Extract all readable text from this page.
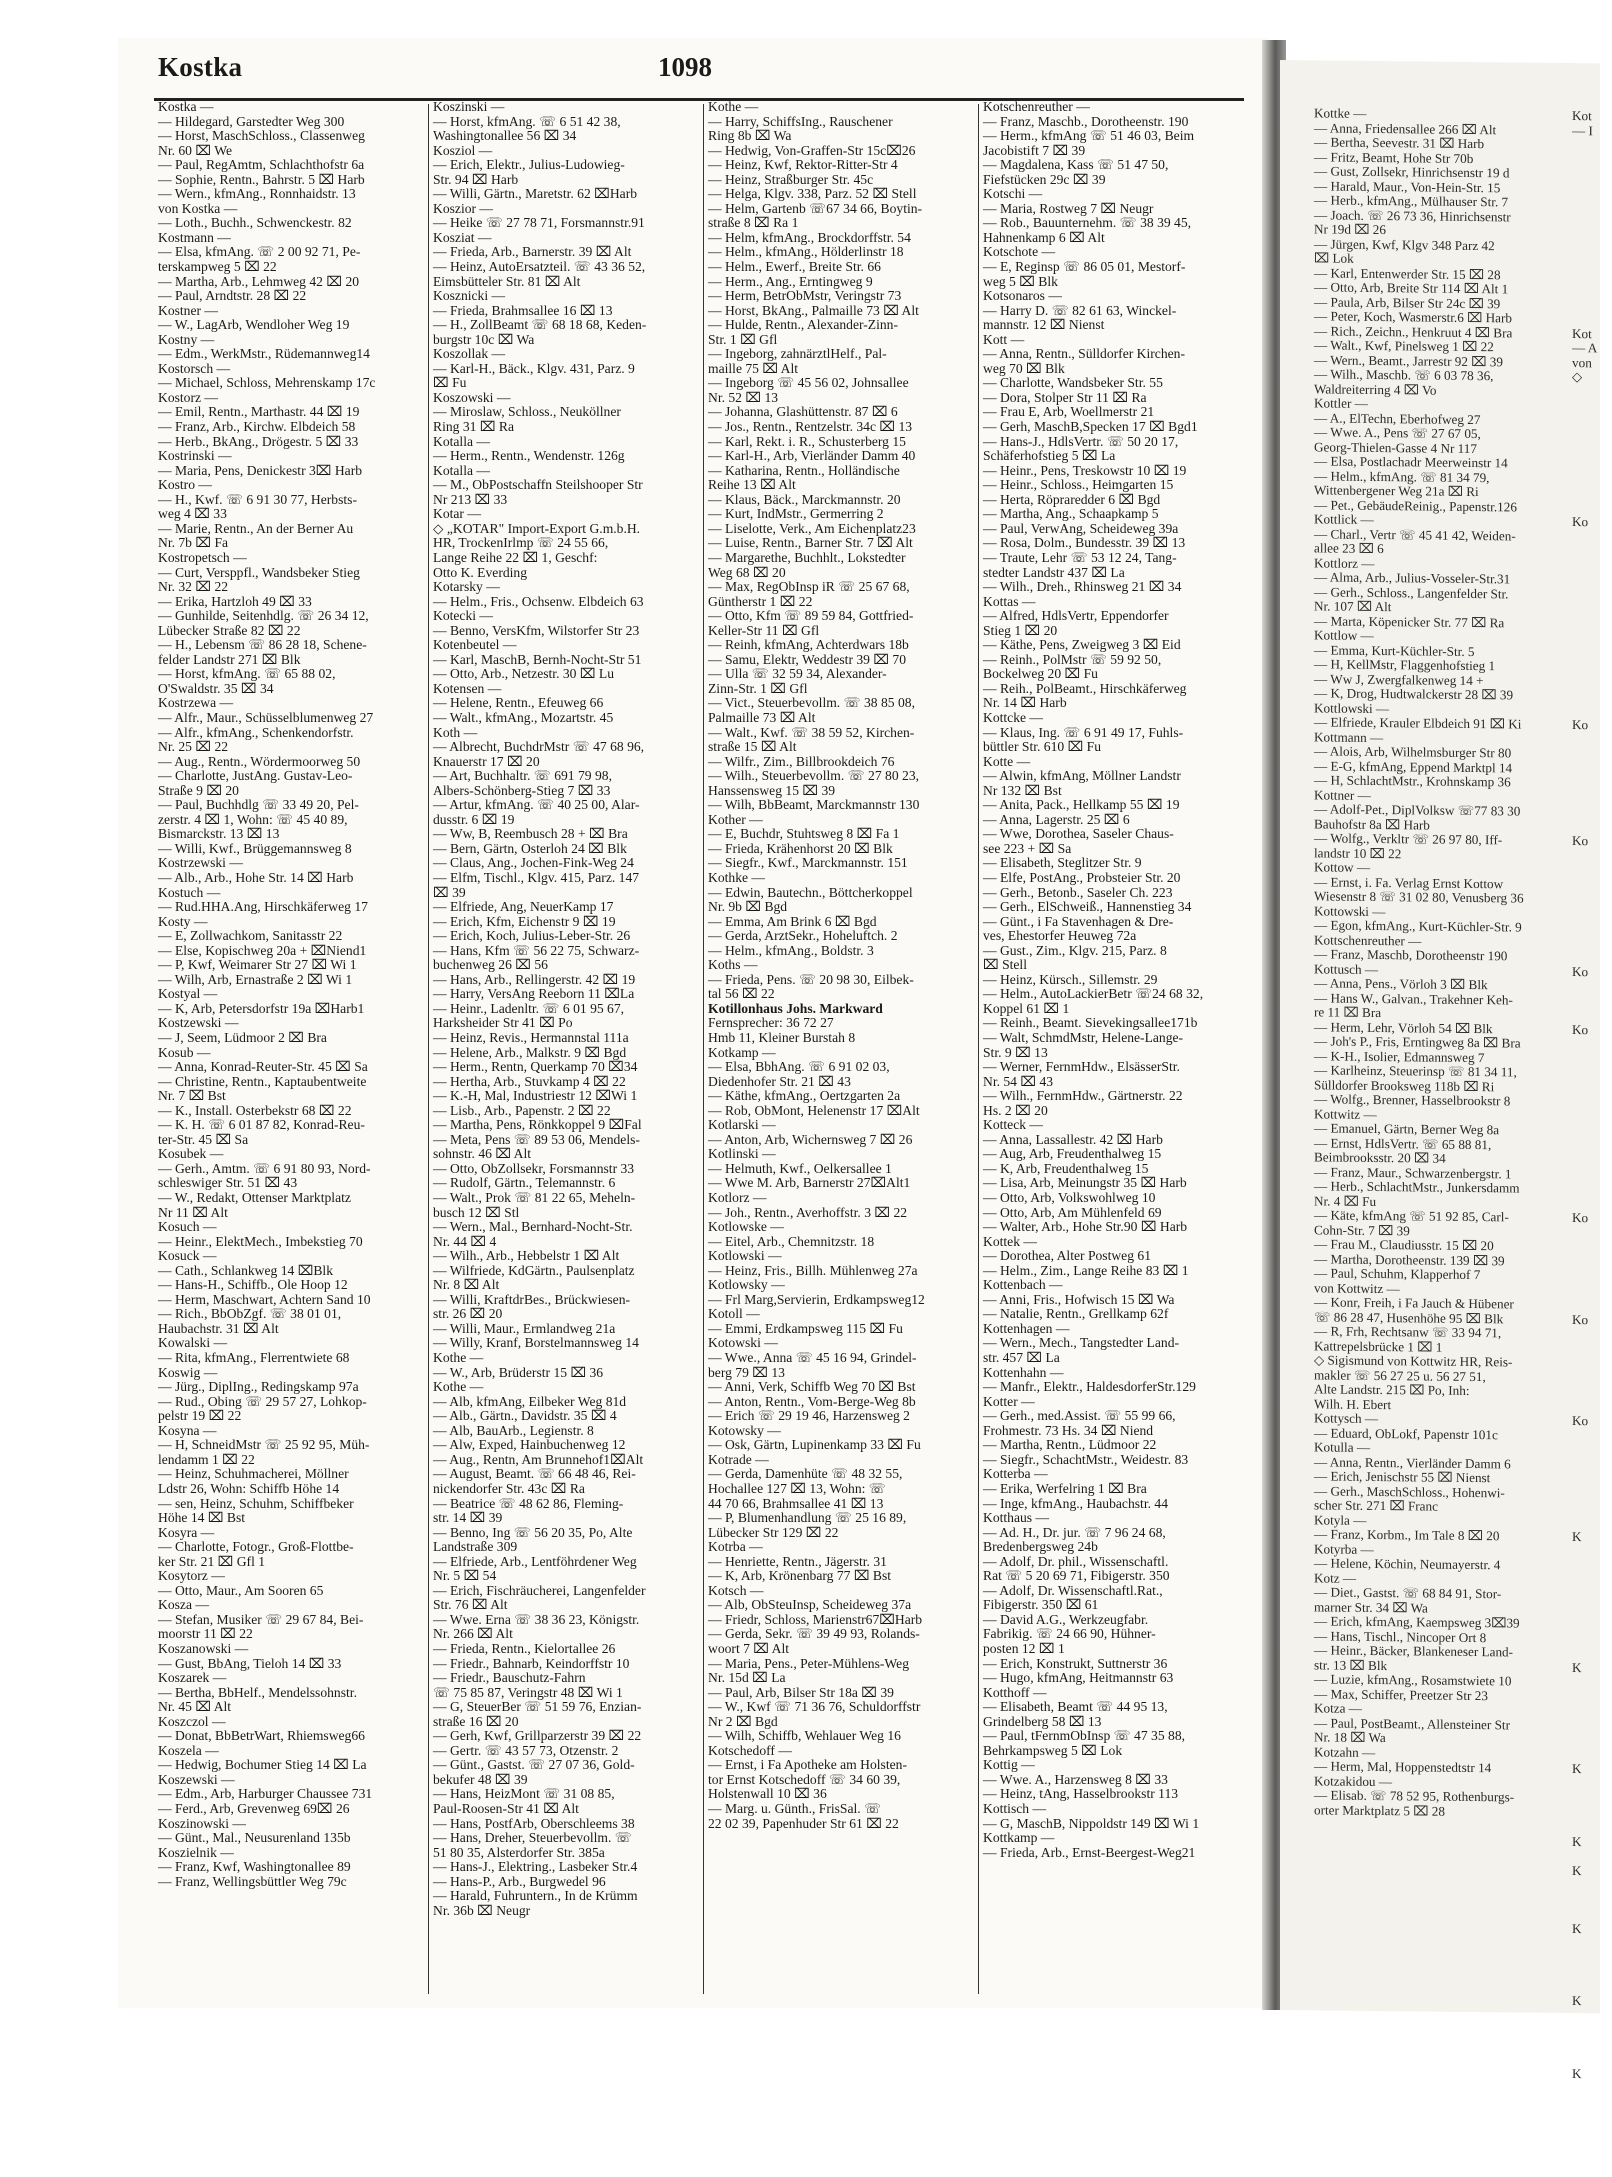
Kostka	1098
Kostka —
— Hildegard, Garstedter Weg 300
— Horst, MaschSchloss., Classenweg
Nr. 60 ⌧ We
— Paul, RegAmtm, Schlachthofstr 6a
— Sophie, Rentn., Bahrstr. 5 ⌧ Harb
— Wern., kfmAng., Ronnhaidstr. 13
von Kostka —
— Loth., Buchh., Schwenckestr. 82
Kostmann —
— Elsa, kfmAng. ☏ 2 00 92 71, Pe-
terskampweg 5 ⌧ 22
— Martha, Arb., Lehmweg 42 ⌧ 20
— Paul, Arndtstr. 28 ⌧ 22
Kostner —
— W., LagArb, Wendloher Weg 19
Kostny —
— Edm., WerkMstr., Rüdemannweg14
Kostorsch —
— Michael, Schloss, Mehrenskamp 17c
Kostorz —
— Emil, Rentn., Marthastr. 44 ⌧ 19
— Franz, Arb., Kirchw. Elbdeich 58
— Herb., BkAng., Drögestr. 5 ⌧ 33
Kostrinski —
— Maria, Pens, Denickestr 3⌧ Harb
Kostro —
— H., Kwf. ☏ 6 91 30 77, Herbsts-
weg 4 ⌧ 33
— Marie, Rentn., An der Berner Au
Nr. 7b ⌧ Fa
Kostropetsch —
— Curt, Versppfl., Wandsbeker Stieg
Nr. 32 ⌧ 22
— Erika, Hartzloh 49 ⌧ 33
— Gunhilde, Seitenhdlg. ☏ 26 34 12,
Lübecker Straße 82 ⌧ 22
— H., Lebensm ☏ 86 28 18, Schene-
felder Landstr 271 ⌧ Blk
— Horst, kfmAng. ☏ 65 88 02,
O'Swaldstr. 35 ⌧ 34
Kostrzewa —
— Alfr., Maur., Schüsselblumenweg 27
— Alfr., kfmAng., Schenkendorfstr.
Nr. 25 ⌧ 22
— Aug., Rentn., Wördermoorweg 50
— Charlotte, JustAng. Gustav-Leo-
Straße 9 ⌧ 20
— Paul, Buchhdlg ☏ 33 49 20, Pel-
zerstr. 4 ⌧ 1, Wohn: ☏ 45 40 89,
Bismarckstr. 13 ⌧ 13
— Willi, Kwf., Brüggemannsweg 8
Kostrzewski —
— Alb., Arb., Hohe Str. 14 ⌧ Harb
Kostuch —
— Rud.HHA.Ang, Hirschkäferweg 17
Kosty —
— E, Zollwachkom, Sanitasstr 22
— Else, Kopischweg 20a + ⌧Niend1
— P, Kwf, Weimarer Str 27 ⌧ Wi 1
— Wilh, Arb, Ernastraße 2 ⌧ Wi 1
Kostyal —
— K, Arb, Petersdorfstr 19a ⌧Harb1
Kostzewski —
— J, Seem, Lüdmoor 2 ⌧ Bra
Kosub —
— Anna, Konrad-Reuter-Str. 45 ⌧ Sa
— Christine, Rentn., Kaptaubentweite
Nr. 7 ⌧ Bst
— K., Install. Osterbekstr 68 ⌧ 22
— K. H. ☏ 6 01 87 82, Konrad-Reu-
ter-Str. 45 ⌧ Sa
Kosubek —
— Gerh., Amtm. ☏ 6 91 80 93, Nord-
schleswiger Str. 51 ⌧ 43
— W., Redakt, Ottenser Marktplatz
Nr 11 ⌧ Alt
Kosuch —
— Heinr., ElektMech., Imbekstieg 70
Kosuck —
— Cath., Schlankweg 14 ⌧Blk
— Hans-H., Schiffb., Ole Hoop 12
— Herm, Maschwart, Achtern Sand 10
— Rich., BbObZgf. ☏ 38 01 01,
Haubachstr. 31 ⌧ Alt
Kowalski —
— Rita, kfmAng., Flerrentwiete 68
Koswig —
— Jürg., DiplIng., Redingskamp 97a
— Rud., Obing ☏ 29 57 27, Lohkop-
pelstr 19 ⌧ 22
Kosyna —
— H, SchneidMstr ☏ 25 92 95, Müh-
lendamm 1 ⌧ 22
— Heinz, Schuhmacherei, Möllner
Ldstr 26, Wohn: Schiffb Höhe 14
— sen, Heinz, Schuhm, Schiffbeker
Höhe 14 ⌧ Bst
Kosyra —
— Charlotte, Fotogr., Groß-Flottbe-
ker Str. 21 ⌧ Gfl 1
Kosytorz —
— Otto, Maur., Am Sooren 65
Kosza —
— Stefan, Musiker ☏ 29 67 84, Bei-
moorstr 11 ⌧ 22
Koszanowski —
— Gust, BbAng, Tieloh 14 ⌧ 33
Koszarek —
— Bertha, BbHelf., Mendelssohnstr.
Nr. 45 ⌧ Alt
Koszczol —
— Donat, BbBetrWart, Rhiemsweg66
Koszela —
— Hedwig, Bochumer Stieg 14 ⌧ La
Koszewski —
— Edm., Arb, Harburger Chaussee 731
— Ferd., Arb, Grevenweg 69⌧ 26
Koszinowski —
— Günt., Mal., Neusurenland 135b
Koszielnik —
— Franz, Kwf, Washingtonallee 89
— Franz, Wellingsbüttler Weg 79c
Koszinski —
— Horst, kfmAng. ☏ 6 51 42 38,
Washingtonallee 56 ⌧ 34
Kosziol —
— Erich, Elektr., Julius-Ludowieg-
Str. 94 ⌧ Harb
— Willi, Gärtn., Maretstr. 62 ⌧Harb
Koszior —
— Heike ☏ 27 78 71, Forsmannstr.91
Kosziat —
— Frieda, Arb., Barnerstr. 39 ⌧ Alt
— Heinz, AutoErsatzteil. ☏ 43 36 52,
Eimsbütteler Str. 81 ⌧ Alt
Kosznicki —
— Frieda, Brahmsallee 16 ⌧ 13
— H., ZollBeamt ☏ 68 18 68, Keden-
burgstr 10c ⌧ Wa
Koszollak —
— Karl-H., Bäck., Klgv. 431, Parz. 9
⌧ Fu
Koszowski —
— Miroslaw, Schloss., Neuköllner
Ring 31 ⌧ Ra
Kotalla —
— Herm., Rentn., Wendenstr. 126g
Kotalla —
— M., ObPostschaffn Steilshooper Str
Nr 213 ⌧ 33
Kotar —
◇ „KOTAR" Import-Export G.m.b.H.
HR, TrockenIrlmp ☏ 24 55 66,
Lange Reihe 22 ⌧ 1, Geschf:
Otto K. Everding
Kotarsky —
— Helm., Fris., Ochsenw. Elbdeich 63
Kotecki —
— Benno, VersKfm, Wilstorfer Str 23
Kotenbeutel —
— Karl, MaschB, Bernh-Nocht-Str 51
— Otto, Arb., Netzestr. 30 ⌧ Lu
Kotensen —
— Helene, Rentn., Efeuweg 66
— Walt., kfmAng., Mozartstr. 45
Koth —
— Albrecht, BuchdrMstr ☏ 47 68 96,
Knauerstr 17 ⌧ 20
— Art, Buchhaltr. ☏ 691 79 98,
Albers-Schönberg-Stieg 7 ⌧ 33
— Artur, kfmAng. ☏ 40 25 00, Alar-
dusstr. 6 ⌧ 19
— Ww, B, Reembusch 28 + ⌧ Bra
— Bern, Gärtn, Osterloh 24 ⌧ Blk
— Claus, Ang., Jochen-Fink-Weg 24
— Elfm, Tischl., Klgv. 415, Parz. 147
⌧ 39
— Elfriede, Ang, NeuerKamp 17
— Erich, Kfm, Eichenstr 9 ⌧ 19
— Erich, Koch, Julius-Leber-Str. 26
— Hans, Kfm ☏ 56 22 75, Schwarz-
buchenweg 26 ⌧ 56
— Hans, Arb., Rellingerstr. 42 ⌧ 19
— Harry, VersAng Reeborn 11 ⌧La
— Heinr., Ladenltr. ☏ 6 01 95 67,
Harksheider Str 41 ⌧ Po
— Heinz, Revis., Hermannstal 111a
— Helene, Arb., Malkstr. 9 ⌧ Bgd
— Herm., Rentn, Querkamp 70 ⌧34
— Hertha, Arb., Stuvkamp 4 ⌧ 22
— K.-H, Mal, Industriestr 12 ⌧Wi 1
— Lisb., Arb., Papenstr. 2 ⌧ 22
— Martha, Pens, Rönkkoppel 9 ⌧Fal
— Meta, Pens ☏ 89 53 06, Mendels-
sohnstr. 46 ⌧ Alt
— Otto, ObZollsekr, Forsmannstr 33
— Rudolf, Gärtn., Telemannstr. 6
— Walt., Prok ☏ 81 22 65, Meheln-
busch 12 ⌧ Stl
— Wern., Mal., Bernhard-Nocht-Str.
Nr. 44 ⌧ 4
— Wilh., Arb., Hebbelstr 1 ⌧ Alt
— Wilfriede, KdGärtn., Paulsenplatz
Nr. 8 ⌧ Alt
— Willi, KraftdrBes., Brückwiesen-
str. 26 ⌧ 20
— Willi, Maur., Ermlandweg 21a
— Willy, Kranf, Borstelmannsweg 14
Kothe —
— W., Arb, Brüderstr 15 ⌧ 36
Kothe —
— Alb, kfmAng, Eilbeker Weg 81d
— Alb., Gärtn., Davidstr. 35 ⌧ 4
— Alb, BauArb., Legienstr. 8
— Alw, Exped, Hainbuchenweg 12
— Aug., Rentn, Am Brunnehof1⌧Alt
— August, Beamt. ☏ 66 48 46, Rei-
nickendorfer Str. 43c ⌧ Ra
— Beatrice ☏ 48 62 86, Fleming-
str. 14 ⌧ 39
— Benno, Ing ☏ 56 20 35, Po, Alte
Landstraße 309
— Elfriede, Arb., Lentföhrdener Weg
Nr. 5 ⌧ 54
— Erich, Fischräucherei, Langenfelder
Str. 76 ⌧ Alt
— Wwe. Erna ☏ 38 36 23, Königstr.
Nr. 266 ⌧ Alt
— Frieda, Rentn., Kielortallee 26
— Friedr., Bahnarb, Keindorffstr 10
— Friedr., Bauschutz-Fahrn
☏ 75 85 87, Veringstr 48 ⌧ Wi 1
— G, SteuerBer ☏ 51 59 76, Enzian-
straße 16 ⌧ 20
— Gerh, Kwf, Grillparzerstr 39 ⌧ 22
— Gertr. ☏ 43 57 73, Otzenstr. 2
— Günt., Gastst. ☏ 27 07 36, Gold-
bekufer 48 ⌧ 39
— Hans, HeizMont ☏ 31 08 85,
Paul-Roosen-Str 41 ⌧ Alt
— Hans, PostfArb, Oberschleems 38
— Hans, Dreher, Steuerbevollm. ☏
51 80 35, Alsterdorfer Str. 385a
— Hans-J., Elektring., Lasbeker Str.4
— Hans-P., Arb., Burgwedel 96
— Harald, Fuhruntern., In de Krümm
Nr. 36b ⌧ Neugr
Kothe —
— Harry, SchiffsIng., Rauschener
Ring 8b ⌧ Wa
— Hedwig, Von-Graffen-Str 15c⌧26
— Heinz, Kwf, Rektor-Ritter-Str 4
— Heinz, Straßburger Str. 45c
— Helga, Klgv. 338, Parz. 52 ⌧ Stell
— Helm, Gartenb ☏67 34 66, Boytin-
straße 8 ⌧ Ra 1
— Helm, kfmAng., Brockdorffstr. 54
— Helm., kfmAng., Hölderlinstr 18
— Helm., Ewerf., Breite Str. 66
— Herm., Ang., Erntingweg 9
— Herm, BetrObMstr, Veringstr 73
— Horst, BkAng., Palmaille 73 ⌧ Alt
— Hulde, Rentn., Alexander-Zinn-
Str. 1 ⌧ Gfl
— Ingeborg, zahnärztlHelf., Pal-
maille 75 ⌧ Alt
— Ingeborg ☏ 45 56 02, Johnsallee
Nr. 52 ⌧ 13
— Johanna, Glashüttenstr. 87 ⌧ 6
— Jos., Rentn., Rentzelstr. 34c ⌧ 13
— Karl, Rekt. i. R., Schusterberg 15
— Karl-H., Arb, Vierländer Damm 40
— Katharina, Rentn., Holländische
Reihe 13 ⌧ Alt
— Klaus, Bäck., Marckmannstr. 20
— Kurt, IndMstr., Germerring 2
— Liselotte, Verk., Am Eichenplatz23
— Luise, Rentn., Barner Str. 7 ⌧ Alt
— Margarethe, Buchhlt., Lokstedter
Weg 68 ⌧ 20
— Max, RegObInsp iR ☏ 25 67 68,
Güntherstr 1 ⌧ 22
— Otto, Kfm ☏ 89 59 84, Gottfried-
Keller-Str 11 ⌧ Gfl
— Reinh, kfmAng, Achterdwars 18b
— Samu, Elektr, Weddestr 39 ⌧ 70
— Ulla ☏ 32 59 34, Alexander-
Zinn-Str. 1 ⌧ Gfl
— Vict., Steuerbevollm. ☏ 38 85 08,
Palmaille 73 ⌧ Alt
— Walt., Kwf. ☏ 38 59 52, Kirchen-
straße 15 ⌧ Alt
— Wilfr., Zim., Billbrookdeich 76
— Wilh., Steuerbevollm. ☏ 27 80 23,
Hanssensweg 15 ⌧ 39
— Wilh, BbBeamt, Marckmannstr 130
Kother —
— E, Buchdr, Stuhtsweg 8 ⌧ Fa 1
— Frieda, Krähenhorst 20 ⌧ Blk
— Siegfr., Kwf., Marckmannstr. 151
Kothke —
— Edwin, Bautechn., Böttcherkoppel
Nr. 9b ⌧ Bgd
— Emma, Am Brink 6 ⌧ Bgd
— Gerda, ArztSekr., Hoheluftch. 2
— Helm., kfmAng., Boldstr. 3
Koths —
— Frieda, Pens. ☏ 20 98 30, Eilbek-
tal 56 ⌧ 22
Kotillonhaus Johs. Markward
Fernsprecher: 36 72 27
Hmb 11, Kleiner Burstah 8
Kotkamp —
— Elsa, BbhAng. ☏ 6 91 02 03,
Diedenhofer Str. 21 ⌧ 43
— Käthe, kfmAng., Oertzgarten 2a
— Rob, ObMont, Helenenstr 17 ⌧Alt
Kotlarski —
— Anton, Arb, Wichernsweg 7 ⌧ 26
Kotlinski —
— Helmuth, Kwf., Oelkersallee 1
— Wwe M. Arb, Barnerstr 27⌧Alt1
Kotlorz —
— Joh., Rentn., Averhoffstr. 3 ⌧ 22
Kotlowske —
— Eitel, Arb., Chemnitzstr. 18
Kotlowski —
— Heinz, Fris., Billh. Mühlenweg 27a
Kotlowsky —
— Frl Marg,Servierin, Erdkampsweg12
Kotoll —
— Emmi, Erdkampsweg 115 ⌧ Fu
Kotowski —
— Wwe., Anna ☏ 45 16 94, Grindel-
berg 79 ⌧ 13
— Anni, Verk, Schiffb Weg 70 ⌧ Bst
— Anton, Rentn., Vom-Berge-Weg 8b
— Erich ☏ 29 19 46, Harzensweg 2
Kotowsky —
— Osk, Gärtn, Lupinenkamp 33 ⌧ Fu
Kotrade —
— Gerda, Damenhüte ☏ 48 32 55,
Hochallee 127 ⌧ 13, Wohn: ☏
44 70 66, Brahmsallee 41 ⌧ 13
— P, Blumenhandlung ☏ 25 16 89,
Lübecker Str 129 ⌧ 22
Kotrba —
— Henriette, Rentn., Jägerstr. 31
— K, Arb, Krönenbarg 77 ⌧ Bst
Kotsch —
— Alb, ObSteuInsp, Scheideweg 37a
— Friedr, Schloss, Marienstr67⌧Harb
— Gerda, Sekr. ☏ 39 49 93, Rolands-
woort 7 ⌧ Alt
— Maria, Pens., Peter-Mühlens-Weg
Nr. 15d ⌧ La
— Paul, Arb, Bilser Str 18a ⌧ 39
— W., Kwf ☏ 71 36 76, Schuldorffstr
Nr 2 ⌧ Bgd
— Wilh, Schiffb, Wehlauer Weg 16
Kotschedoff —
— Ernst, i Fa Apotheke am Holsten-
tor Ernst Kotschedoff ☏ 34 60 39,
Holstenwall 10 ⌧ 36
— Marg. u. Günth., FrisSal. ☏
22 02 39, Papenhuder Str 61 ⌧ 22
Kotschenreuther —
— Franz, Maschb., Dorotheenstr. 190
— Herm., kfmAng ☏ 51 46 03, Beim
Jacobistift 7 ⌧ 39
— Magdalena, Kass ☏ 51 47 50,
Fiefstücken 29c ⌧ 39
Kotschi —
— Maria, Rostweg 7 ⌧ Neugr
— Rob., Bauunternehm. ☏ 38 39 45,
Hahnenkamp 6 ⌧ Alt
Kotschote —
— E, Reginsp ☏ 86 05 01, Mestorf-
weg 5 ⌧ Blk
Kotsonaros —
— Harry D. ☏ 82 61 63, Winckel-
mannstr. 12 ⌧ Nienst
Kott —
— Anna, Rentn., Sülldorfer Kirchen-
weg 70 ⌧ Blk
— Charlotte, Wandsbeker Str. 55
— Dora, Stolper Str 11 ⌧ Ra
— Frau E, Arb, Woellmerstr 21
— Gerh, MaschB,Specken 17 ⌧ Bgd1
— Hans-J., HdlsVertr. ☏ 50 20 17,
Schäferhofstieg 5 ⌧ La
— Heinr., Pens, Treskowstr 10 ⌧ 19
— Heinr., Schloss., Heimgarten 15
— Herta, Röpraredder 6 ⌧ Bgd
— Martha, Ang., Schaapkamp 5
— Paul, VerwAng, Scheideweg 39a
— Rosa, Dolm., Bundesstr. 39 ⌧ 13
— Traute, Lehr ☏ 53 12 24, Tang-
stedter Landstr 437 ⌧ La
— Wilh., Dreh., Rhinsweg 21 ⌧ 34
Kottas —
— Alfred, HdlsVertr, Eppendorfer
Stieg 1 ⌧ 20
— Käthe, Pens, Zweigweg 3 ⌧ Eid
— Reinh., PolMstr ☏ 59 92 50,
Bockelweg 20 ⌧ Fu
— Reih., PolBeamt., Hirschkäferweg
Nr. 14 ⌧ Harb
Kottcke —
— Klaus, Ing. ☏ 6 91 49 17, Fuhls-
büttler Str. 610 ⌧ Fu
Kotte —
— Alwin, kfmAng, Möllner Landstr
Nr 132 ⌧ Bst
— Anita, Pack., Hellkamp 55 ⌧ 19
— Anna, Lagerstr. 25 ⌧ 6
— Wwe, Dorothea, Saseler Chaus-
see 223 + ⌧ Sa
— Elisabeth, Steglitzer Str. 9
— Elfe, PostAng., Probsteier Str. 20
— Gerh., Betonb., Saseler Ch. 223
— Gerh., ElSchweiß., Hannenstieg 34
— Günt., i Fa Stavenhagen & Dre-
ves, Ehestorfer Heuweg 72a
— Gust., Zim., Klgv. 215, Parz. 8
⌧ Stell
— Heinz, Kürsch., Sillemstr. 29
— Helm., AutoLackierBetr ☏24 68 32,
Koppel 61 ⌧ 1
— Reinh., Beamt. Sievekingsallee171b
— Walt, SchmdMstr, Helene-Lange-
Str. 9 ⌧ 13
— Werner, FernmHdw., ElsässerStr.
Nr. 54 ⌧ 43
— Wilh., FernmHdw., Gärtnerstr. 22
Hs. 2 ⌧ 20
Kotteck —
— Anna, Lassallestr. 42 ⌧ Harb
— Aug, Arb, Freudenthalweg 15
— K, Arb, Freudenthalweg 15
— Lisa, Arb, Meinungstr 35 ⌧ Harb
— Otto, Arb, Volkswohlweg 10
— Otto, Arb, Am Mühlenfeld 69
— Walter, Arb., Hohe Str.90 ⌧ Harb
Kottek —
— Dorothea, Alter Postweg 61
— Helm., Zim., Lange Reihe 83 ⌧ 1
Kottenbach —
— Anni, Fris., Hofwisch 15 ⌧ Wa
— Natalie, Rentn., Grellkamp 62f
Kottenhagen —
— Wern., Mech., Tangstedter Land-
str. 457 ⌧ La
Kottenhahn —
— Manfr., Elektr., HaldesdorferStr.129
Kotter —
— Gerh., med.Assist. ☏ 55 99 66,
Frohmestr. 73 Hs. 34 ⌧ Niend
— Martha, Rentn., Lüdmoor 22
— Siegfr., SchachtMstr., Weidestr. 83
Kotterba —
— Erika, Werfelring 1 ⌧ Bra
— Inge, kfmAng., Haubachstr. 44
Kotthaus —
— Ad. H., Dr. jur. ☏ 7 96 24 68,
Bredenbergsweg 24b
— Adolf, Dr. phil., Wissenschaftl.
Rat ☏ 5 20 69 71, Fibigerstr. 350
— Adolf, Dr. Wissenschaftl.Rat.,
Fibigerstr. 350 ⌧ 61
— David A.G., Werkzeugfabr.
Fabrikig. ☏ 24 66 90, Hühner-
posten 12 ⌧ 1
— Erich, Konstrukt, Suttnerstr 36
— Hugo, kfmAng, Heitmannstr 63
Kotthoff —
— Elisabeth, Beamt ☏ 44 95 13,
Grindelberg 58 ⌧ 13
— Paul, tFernmObInsp ☏ 47 35 88,
Behrkampsweg 5 ⌧ Lok
Kottig —
— Wwe. A., Harzensweg 8 ⌧ 33
— Heinz, tAng, Hasselbrookstr 113
Kottisch —
— G, MaschB, Nippoldstr 149 ⌧ Wi 1
Kottkamp —
— Frieda, Arb., Ernst-Beergest-Weg21
Kottke —
— Anna, Friedensallee 266 ⌧ Alt
— Bertha, Seevestr. 31 ⌧ Harb
— Fritz, Beamt, Hohe Str 70b
— Gust, Zollsekr, Hinrichsenstr 19 d
— Harald, Maur., Von-Hein-Str. 15
— Herb., kfmAng., Mülhauser Str. 7
— Joach. ☏ 26 73 36, Hinrichsenstr
Nr 19d ⌧ 26
— Jürgen, Kwf, Klgv 348 Parz 42
⌧ Lok
— Karl, Entenwerder Str. 15 ⌧ 28
— Otto, Arb, Breite Str 114 ⌧ Alt 1
— Paula, Arb, Bilser Str 24c ⌧ 39
— Peter, Koch, Wasmerstr.6 ⌧ Harb
— Rich., Zeichn., Henkruut 4 ⌧ Bra
— Walt., Kwf, Pinelsweg 1 ⌧ 22
— Wern., Beamt., Jarrestr 92 ⌧ 39
— Wilh., Maschb. ☏ 6 03 78 36,
Waldreiterring 4 ⌧ Vo
Kottler —
— A., ElTechn, Eberhofweg 27
— Wwe. A., Pens ☏ 27 67 05,
Georg-Thielen-Gasse 4 Nr 117
— Elsa, Postlachadr Meerweinstr 14
— Helm., kfmAng. ☏ 81 34 79,
Wittenbergener Weg 21a ⌧ Ri
— Pet., GebäudeReinig., Papenstr.126
Kottlick —
— Charl., Vertr ☏ 45 41 42, Weiden-
allee 23 ⌧ 6
Kottlorz —
— Alma, Arb., Julius-Vosseler-Str.31
— Gerh., Schloss., Langenfelder Str.
Nr. 107 ⌧ Alt
— Marta, Köpenicker Str. 77 ⌧ Ra
Kottlow —
— Emma, Kurt-Küchler-Str. 5
— H, KellMstr, Flaggenhofstieg 1
— Ww J, Zwergfalkenweg 14 +
— K, Drog, Hudtwalckerstr 28 ⌧ 39
Kottlowski —
— Elfriede, Krauler Elbdeich 91 ⌧ Ki
Kottmann —
— Alois, Arb, Wilhelmsburger Str 80
— E-G, kfmAng, Eppend Marktpl 14
— H, SchlachtMstr., Krohnskamp 36
Kottner —
— Adolf-Pet., DiplVolksw ☏77 83 30
Bauhofstr 8a ⌧ Harb
— Wolfg., Verkltr ☏ 26 97 80, Iff-
landstr 10 ⌧ 22
Kottow —
— Ernst, i. Fa. Verlag Ernst Kottow
Wiesenstr 8 ☏ 31 02 80, Venusberg 36
Kottowski —
— Egon, kfmAng., Kurt-Küchler-Str. 9
Kottschenreuther —
— Franz, Maschb, Dorotheenstr 190
Kottusch —
— Anna, Pens., Vörloh 3 ⌧ Blk
— Hans W., Galvan., Trakehner Keh-
re 11 ⌧ Bra
— Herm, Lehr, Vörloh 54 ⌧ Blk
— Joh's P., Fris, Erntingweg 8a ⌧ Bra
— K-H., Isolier, Edmannsweg 7
— Karlheinz, Steuerinsp ☏ 81 34 11,
Sülldorfer Brooksweg 118b ⌧ Ri
— Wolfg., Brenner, Hasselbrookstr 8
Kottwitz —
— Emanuel, Gärtn, Berner Weg 8a
— Ernst, HdlsVertr. ☏ 65 88 81,
Beimbrooksstr. 20 ⌧ 34
— Franz, Maur., Schwarzenbergstr. 1
— Herb., SchlachtMstr., Junkersdamm
Nr. 4 ⌧ Fu
— Käte, kfmAng ☏ 51 92 85, Carl-
Cohn-Str. 7 ⌧ 39
— Frau M., Claudiusstr. 15 ⌧ 20
— Martha, Dorotheenstr. 139 ⌧ 39
— Paul, Schuhm, Klapperhof 7
von Kottwitz —
— Konr, Freih, i Fa Jauch & Hübener
☏ 86 28 47, Husenhöhe 95 ⌧ Blk
— R, Frh, Rechtsanw ☏ 33 94 71,
Kattrepelsbrücke 1 ⌧ 1
◇ Sigismund von Kottwitz HR, Reis-
makler ☏ 56 27 25 u. 56 27 51,
Alte Landstr. 215 ⌧ Po, Inh:
Wilh. H. Ebert
Kottysch —
— Eduard, ObLokf, Papenstr 101c
Kotulla —
— Anna, Rentn., Vierländer Damm 6
— Erich, Jenischstr 55 ⌧ Nienst
— Gerh., MaschSchloss., Hohenwi-
scher Str. 271 ⌧ Franc
Kotyla —
— Franz, Korbm., Im Tale 8 ⌧ 20
Kotyrba —
— Helene, Köchin, Neumayerstr. 4
Kotz —
— Diet., Gastst. ☏ 68 84 91, Stor-
marner Str. 34 ⌧ Wa
— Erich, kfmAng, Kaempsweg 3⌧39
— Hans, Tischl., Nincoper Ort 8
— Heinr., Bäcker, Blankeneser Land-
str. 13 ⌧ Blk
— Luzie, kfmAng., Rosamstwiete 10
— Max, Schiffer, Preetzer Str 23
Kotza —
— Paul, PostBeamt., Allensteiner Str
Nr. 18 ⌧ Wa
Kotzahn —
— Herm, Mal, Hoppenstedtstr 14
Kotzakidou —
— Elisab. ☏ 78 52 95, Rothenburgs-
orter Marktplatz 5 ⌧ 28
Kot
— I

Kot
— A
von
◇

Ko

Ko

Ko

Ko

Ko

Ko

Ko

Ko

K

K

K

K

K

K

K

K
